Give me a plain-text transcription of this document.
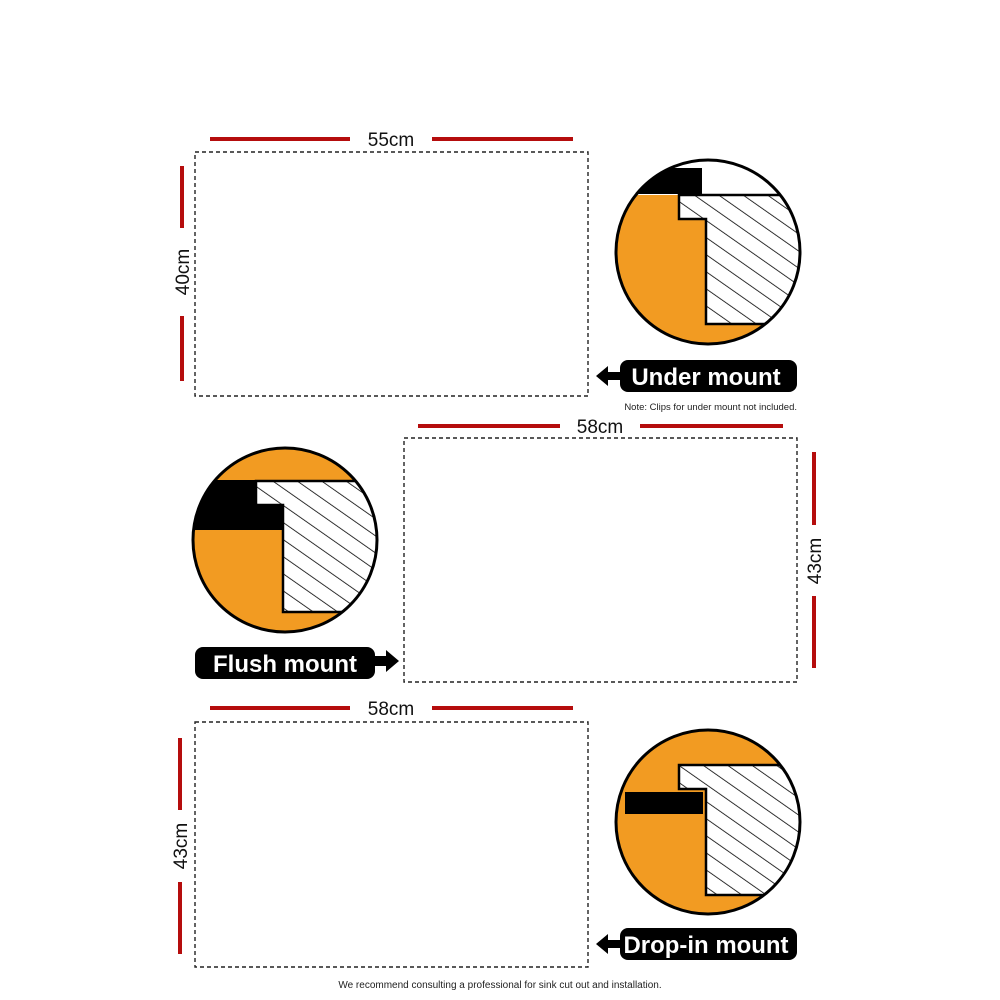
55cm
40cm
Under mount
Note: Clips for under mount not included.
58cm
43cm
Flush mount
58cm
43cm
Drop-in mount
We recommend consulting a professional for sink cut out and installation.
